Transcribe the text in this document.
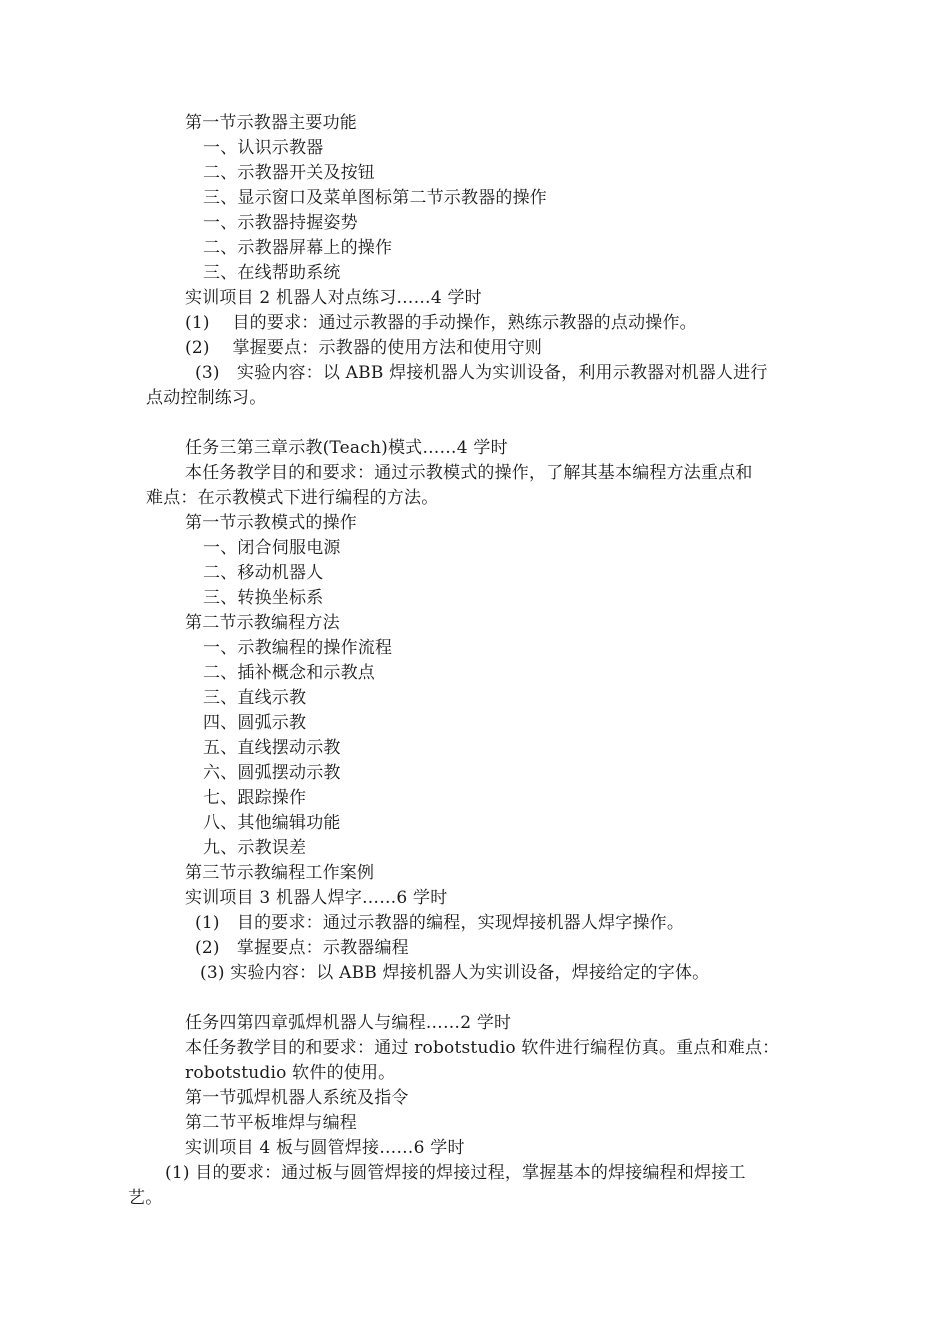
第一节示教器主要功能
一、认识示教器
二、示教器开关及按钮
三、显示窗口及菜单图标第二节示教器的操作
一、示教器持握姿势
二、示教器屏幕上的操作
三、在线帮助系统
实训项目 2 机器人对点练习……4 学时
(1)　 目的要求：通过示教器的手动操作，熟练示教器的点动操作。
(2)　 掌握要点：示教器的使用方法和使用守则
(3)　实验内容：以 ABB 焊接机器人为实训设备，利用示教器对机器人进行
点动控制练习。
任务三第三章示教(Teach)模式……4 学时
本任务教学目的和要求：通过示教模式的操作，了解其基本编程方法重点和
难点：在示教模式下进行编程的方法。
第一节示教模式的操作
一、闭合伺服电源
二、移动机器人
三、转换坐标系
第二节示教编程方法
一、示教编程的操作流程
二、插补概念和示教点
三、直线示教
四、圆弧示教
五、直线摆动示教
六、圆弧摆动示教
七、跟踪操作
八、其他编辑功能
九、示教误差
第三节示教编程工作案例
实训项目 3 机器人焊字……6 学时
(1)　目的要求：通过示教器的编程，实现焊接机器人焊字操作。
(2)　掌握要点：示教器编程
(3) 实验内容：以 ABB 焊接机器人为实训设备，焊接给定的字体。
任务四第四章弧焊机器人与编程……2 学时
本任务教学目的和要求：通过 robotstudio 软件进行编程仿真。重点和难点：
robotstudio 软件的使用。
第一节弧焊机器人系统及指令
第二节平板堆焊与编程
实训项目 4 板与圆管焊接……6 学时
(1) 目的要求：通过板与圆管焊接的焊接过程，掌握基本的焊接编程和焊接工
艺。
